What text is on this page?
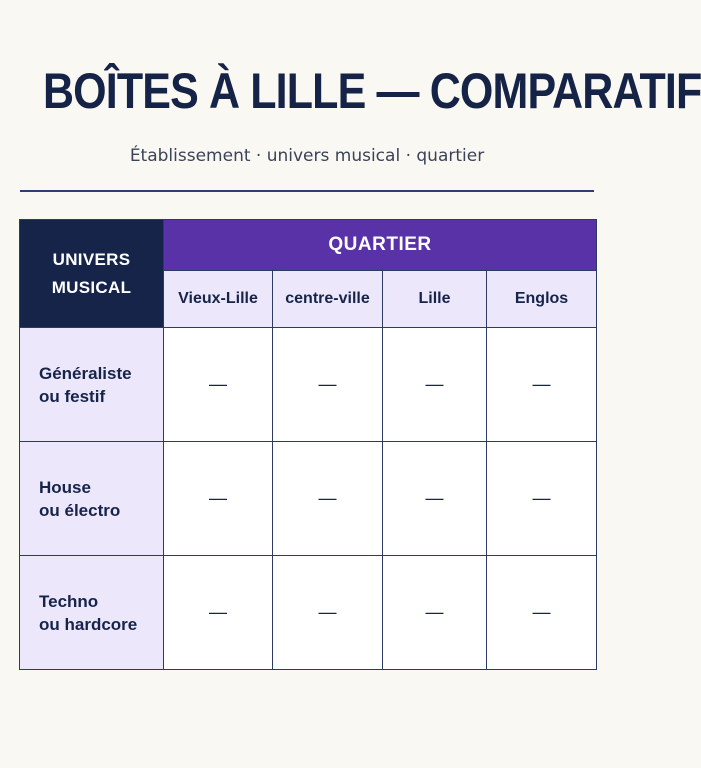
BOÎTES À LILLE — COMPARATIF
Établissement · univers musical · quartier
UNIVERS
MUSICAL	QUARTIER			
	Vieux-Lille	centre-ville	Lille	Englos

Généraliste
ou festif	—	—	—	—

House
ou électro	—	—	—	—

Techno
ou hardcore	—	—	—	—
